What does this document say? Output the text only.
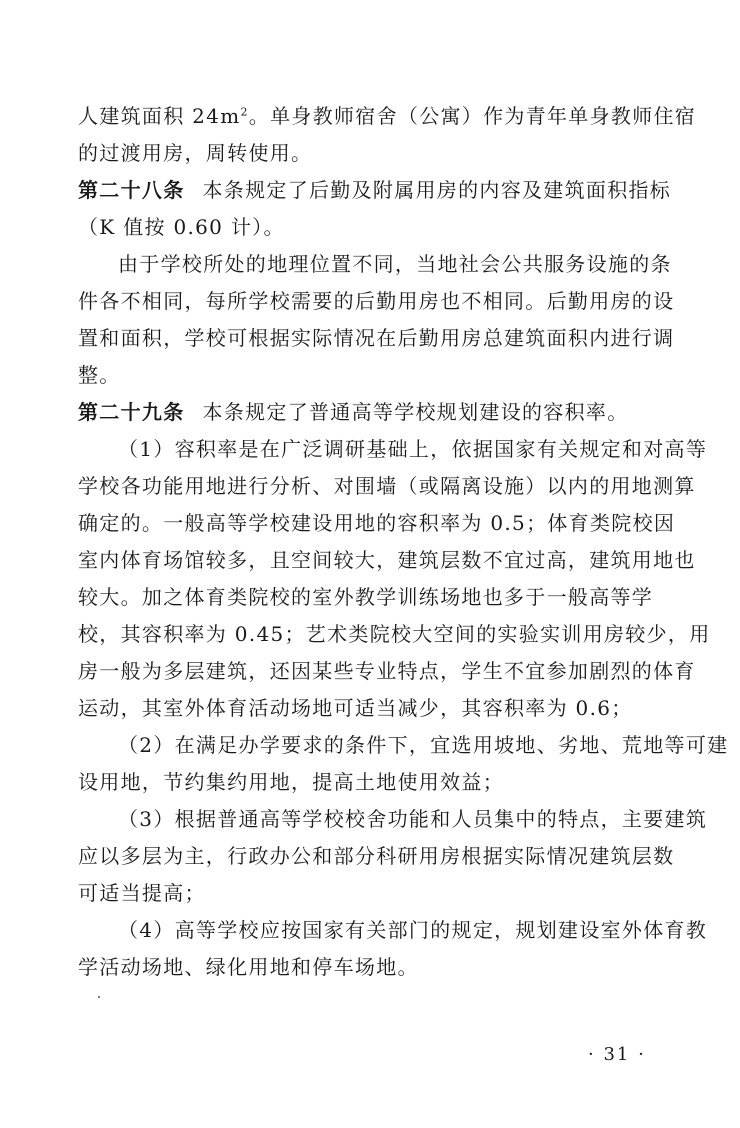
人建筑面积 $24m^2$。单身教师宿舍（公寓）作为青年单身教师住宿
的过渡用房，周转使用。
第二十八条 本条规定了后勤及附属用房的内容及建筑面积指标
（K 值按 0.60 计）。
由于学校所处的地理位置不同，当地社会公共服务设施的条
件各不相同，每所学校需要的后勤用房也不相同。后勤用房的设
置和面积，学校可根据实际情况在后勤用房总建筑面积内进行调
整。
第二十九条 本条规定了普通高等学校规划建设的容积率。
（1）容积率是在广泛调研基础上，依据国家有关规定和对高等
学校各功能用地进行分析、对围墙（或隔离设施）以内的用地测算
确定的。一般高等学校建设用地的容积率为 0.5；体育类院校因
室内体育场馆较多，且空间较大，建筑层数不宜过高，建筑用地也
较大。加之体育类院校的室外教学训练场地也多于一般高等学
校，其容积率为 0.45；艺术类院校大空间的实验实训用房较少，用
房一般为多层建筑，还因某些专业特点，学生不宜参加剧烈的体育
运动，其室外体育活动场地可适当减少，其容积率为 0.6；
（2）在满足办学要求的条件下，宜选用坡地、劣地、荒地等可建
设用地，节约集约用地，提高土地使用效益；
（3）根据普通高等学校校舍功能和人员集中的特点，主要建筑
应以多层为主，行政办公和部分科研用房根据实际情况建筑层数
可适当提高；
（4）高等学校应按国家有关部门的规定，规划建设室外体育教
学活动场地、绿化用地和停车场地。
· 31 ·
